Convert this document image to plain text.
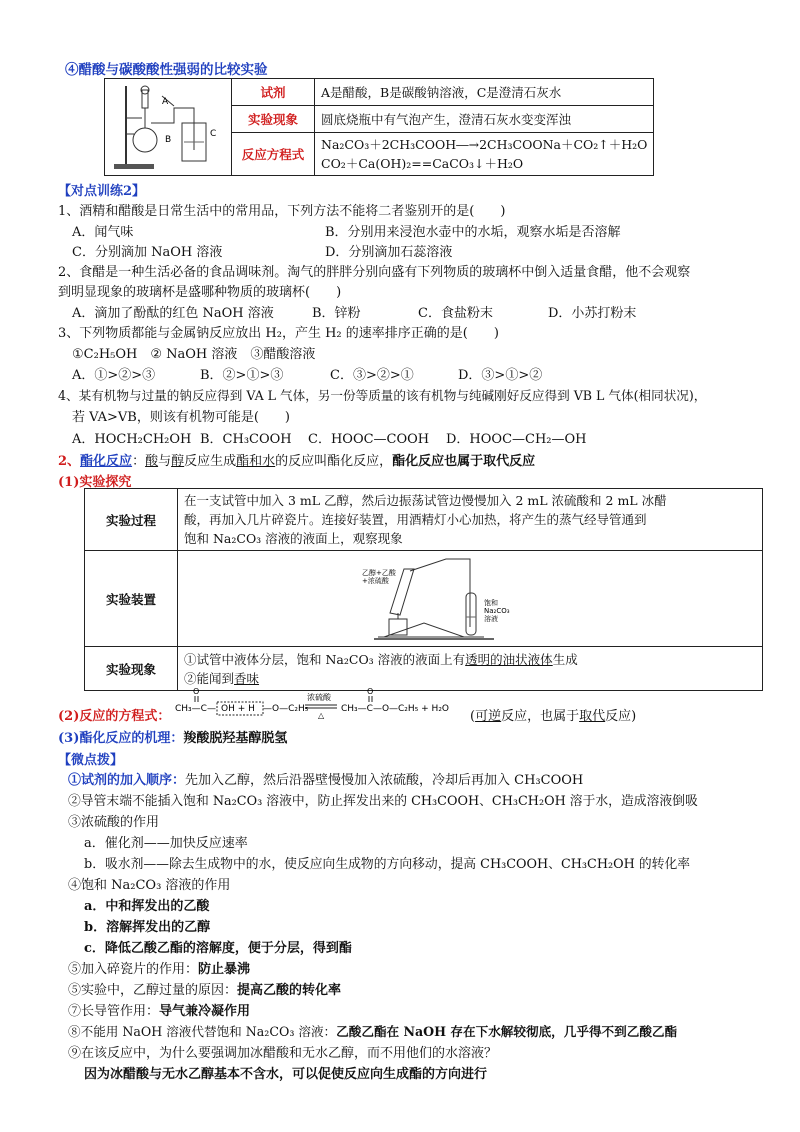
④醋酸与碳酸酸性强弱的比较实验
A
B
C
试剂	A是醋酸，B是碳酸钠溶液，C是澄清石灰水
实验现象	圆底烧瓶中有气泡产生，澄清石灰水变变浑浊
反应方程式	Na₂CO₃＋2CH₃COOH―→2CH₃COONa＋CO₂↑＋H₂O
CO₂＋Ca(OH)₂==CaCO₃↓＋H₂O
【对点训练2】
1、酒精和醋酸是日常生活中的常用品，下列方法不能将二者鉴别开的是(　　)
A．闻气味	B．分别用来浸泡水壶中的水垢，观察水垢是否溶解
C．分别滴加 NaOH 溶液	D．分别滴加石蕊溶液
2、食醋是一种生活必备的食品调味剂。淘气的胖胖分别向盛有下列物质的玻璃杯中倒入适量食醋，他不会观察
到明显现象的玻璃杯是盛哪种物质的玻璃杯(　　)
A．滴加了酚酞的红色 NaOH 溶液	B．锌粉	C．食盐粉末	D．小苏打粉末
3、下列物质都能与金属钠反应放出 H₂，产生 H₂ 的速率排序正确的是(　　)
①C₂H₅OH　② NaOH 溶液　③醋酸溶液
A．①>②>③	B．②>①>③	C．③>②>①	D．③>①>②
4、某有机物与过量的钠反应得到 VA L 气体，另一份等质量的该有机物与纯碱刚好反应得到 VB L 气体(相同状况)，
若 VA>VB，则该有机物可能是(　　)
A．HOCH₂CH₂OH B．CH₃COOH C．HOOC—COOH D．HOOC—CH₂—OH
2、酯化反应：酸与醇反应生成酯和水的反应叫酯化反应，酯化反应也属于取代反应
(1)实验探究
实验过程	在一支试管中加入 3 mL 乙醇，然后边振荡试管边慢慢加入 2 mL 浓硫酸和 2 mL 冰醋
酸，再加入几片碎瓷片。连接好装置，用酒精灯小心加热，将产生的蒸气经导管通到
饱和 Na₂CO₃ 溶液的液面上，观察现象

实验装置	乙醇+乙酸
+浓硫酸
饱和
Na₂CO₃
溶液

实验现象	①试管中液体分层，饱和 Na₂CO₃ 溶液的液面上有透明的油状液体生成
②能闻到香味
(2)反应的方程式：
O
CH₃—C— OH + H —O—C₂H₅
浓硫酸
△
O
CH₃—C—O—C₂H₅ + H₂O (可逆反应，也属于取代反应)
(3)酯化反应的机理：羧酸脱羟基醇脱氢
【微点拨】
①试剂的加入顺序：先加入乙醇，然后沿器壁慢慢加入浓硫酸，冷却后再加入 CH₃COOH
②导管末端不能插入饱和 Na₂CO₃ 溶液中，防止挥发出来的 CH₃COOH、CH₃CH₂OH 溶于水，造成溶液倒吸
③浓硫酸的作用
a．催化剂——加快反应速率
b．吸水剂——除去生成物中的水，使反应向生成物的方向移动，提高 CH₃COOH、CH₃CH₂OH 的转化率
④饱和 Na₂CO₃ 溶液的作用
a．中和挥发出的乙酸
b．溶解挥发出的乙醇
c．降低乙酸乙酯的溶解度，便于分层，得到酯
⑤加入碎瓷片的作用：防止暴沸
⑤实验中，乙醇过量的原因：提高乙酸的转化率
⑦长导管作用：导气兼冷凝作用
⑧不能用 NaOH 溶液代替饱和 Na₂CO₃ 溶液：乙酸乙酯在 NaOH 存在下水解较彻底，几乎得不到乙酸乙酯
⑨在该反应中，为什么要强调加冰醋酸和无水乙醇，而不用他们的水溶液？
因为冰醋酸与无水乙醇基本不含水，可以促使反应向生成酯的方向进行
